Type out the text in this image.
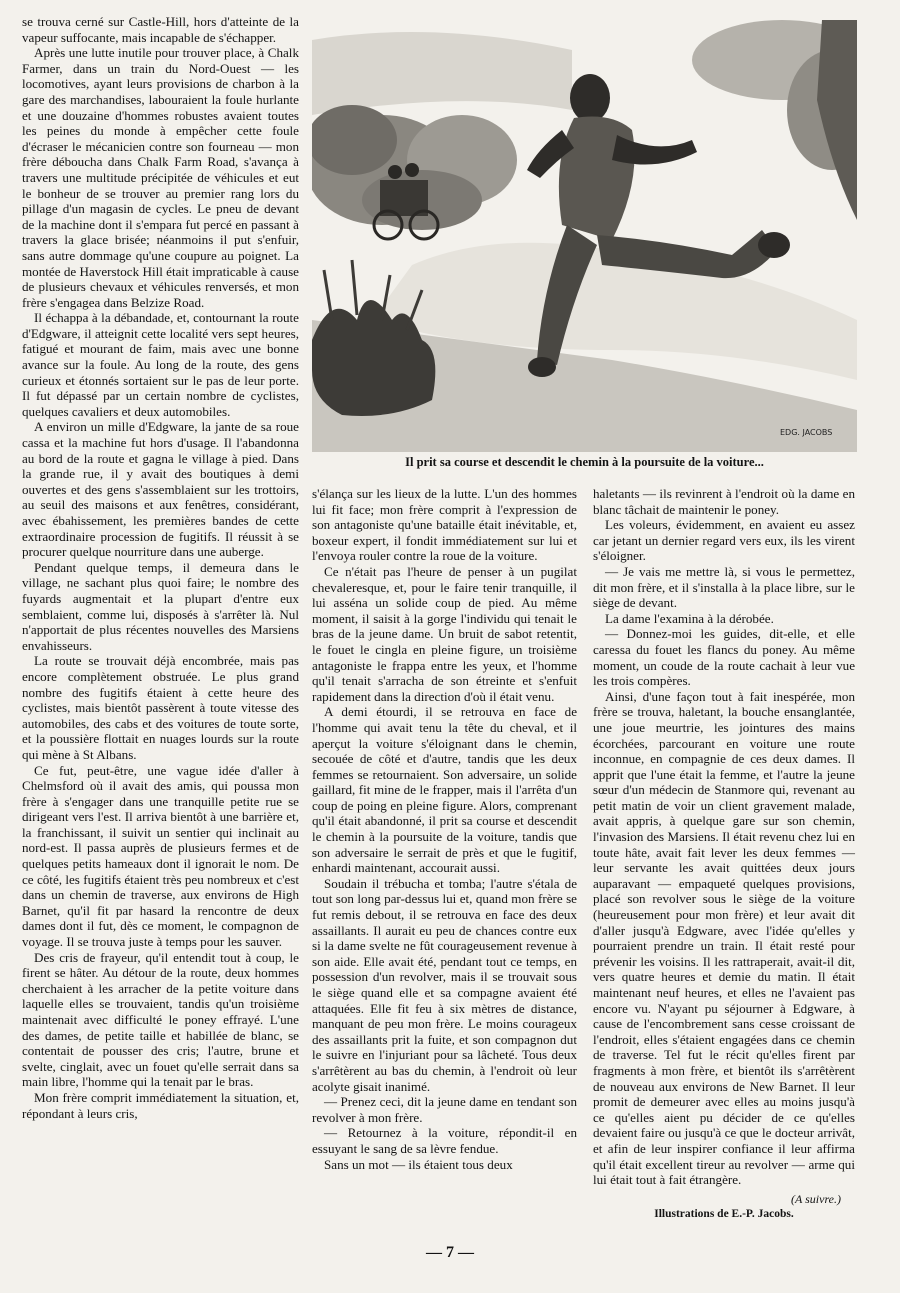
se trouva cerné sur Castle-Hill, hors d'atteinte de la vapeur suffocante, mais incapable de s'échapper.

Après une lutte inutile pour trouver place, à Chalk Farmer, dans un train du Nord-Ouest — les locomotives, ayant leurs provisions de charbon à la gare des marchandises, labouraient la foule hurlante et une douzaine d'hommes robustes avaient toutes les peines du monde à empêcher cette foule d'écraser le mécanicien contre son fourneau — mon frère déboucha dans Chalk Farm Road, s'avança à travers une multitude précipitée de véhicules et eut le bonheur de se trouver au premier rang lors du pillage d'un magasin de cycles. Le pneu de devant de la machine dont il s'empara fut percé en passant à travers la glace brisée; néanmoins il put s'enfuir, sans autre dommage qu'une coupure au poignet. La montée de Haverstock Hill était impraticable à cause de plusieurs chevaux et véhicules renversés, et mon frère s'engagea dans Belzize Road.

Il échappa à la débandade, et, contournant la route d'Edgware, il atteignit cette localité vers sept heures, fatigué et mourant de faim, mais avec une bonne avance sur la foule. Au long de la route, des gens curieux et étonnés sortaient sur le pas de leur porte. Il fut dépassé par un certain nombre de cyclistes, quelques cavaliers et deux automobiles.

A environ un mille d'Edgware, la jante de sa roue cassa et la machine fut hors d'usage. Il l'abandonna au bord de la route et gagna le village à pied. Dans la grande rue, il y avait des boutiques à demi ouvertes et des gens s'assemblaient sur les trottoirs, au seuil des maisons et aux fenêtres, considérant, avec ébahissement, les premières bandes de cette extraordinaire procession de fugitifs. Il réussit à se procurer quelque nourriture dans une auberge.

Pendant quelque temps, il demeura dans le village, ne sachant plus quoi faire; le nombre des fuyards augmentait et la plupart d'entre eux semblaient, comme lui, disposés à s'arrêter là. Nul n'apportait de plus récentes nouvelles des Marsiens envahisseurs.

La route se trouvait déjà encombrée, mais pas encore complètement obstruée. Le plus grand nombre des fugitifs étaient à cette heure des cyclistes, mais bientôt passèrent à toute vitesse des automobiles, des cabs et des voitures de toute sorte, et la poussière flottait en nuages lourds sur la route qui mène à St Albans.

Ce fut, peut-être, une vague idée d'aller à Chelmsford où il avait des amis, qui poussa mon frère à s'engager dans une tranquille petite rue se dirigeant vers l'est. Il arriva bientôt à une barrière et, la franchissant, il suivit un sentier qui inclinait au nord-est. Il passa auprès de plusieurs fermes et de quelques petits hameaux dont il ignorait le nom. De ce côté, les fugitifs étaient très peu nombreux et c'est dans un chemin de traverse, aux environs de High Barnet, qu'il fit par hasard la rencontre de deux dames dont il fut, dès ce moment, le compagnon de voyage. Il se trouva juste à temps pour les sauver.

Des cris de frayeur, qu'il entendit tout à coup, le firent se hâter. Au détour de la route, deux hommes cherchaient à les arracher de la petite voiture dans laquelle elles se trouvaient, tandis qu'un troisième maintenait avec difficulté le poney effrayé. L'une des dames, de petite taille et habillée de blanc, se contentait de pousser des cris; l'autre, brune et svelte, cinglait, avec un fouet qu'elle serrait dans sa main libre, l'homme qui la tenait par le bras.

Mon frère comprit immédiatement la situation, et, répondant à leurs cris,

EDG. JACOBS
Il prit sa course et descendit le chemin à la poursuite de la voiture...

s'élança sur les lieux de la lutte. L'un des hommes lui fit face; mon frère comprit à l'expression de son antagoniste qu'une bataille était inévitable, et, boxeur expert, il fondit immédiatement sur lui et l'envoya rouler contre la roue de la voiture.

Ce n'était pas l'heure de penser à un pugilat chevaleresque, et, pour le faire tenir tranquille, il lui asséna un solide coup de pied. Au même moment, il saisit à la gorge l'individu qui tenait le bras de la jeune dame. Un bruit de sabot retentit, le fouet le cingla en pleine figure, un troisième antagoniste le frappa entre les yeux, et l'homme qu'il tenait s'arracha de son étreinte et s'enfuit rapidement dans la direction d'où il était venu.

A demi étourdi, il se retrouva en face de l'homme qui avait tenu la tête du cheval, et il aperçut la voiture s'éloignant dans le chemin, secouée de côté et d'autre, tandis que les deux femmes se retournaient. Son adversaire, un solide gaillard, fit mine de le frapper, mais il l'arrêta d'un coup de poing en pleine figure. Alors, comprenant qu'il était abandonné, il prit sa course et descendit le chemin à la poursuite de la voiture, tandis que son adversaire le serrait de près et que le fugitif, enhardi maintenant, accourait aussi.

Soudain il trébucha et tomba; l'autre s'étala de tout son long par-dessus lui et, quand mon frère se fut remis debout, il se retrouva en face des deux assaillants. Il aurait eu peu de chances contre eux si la dame svelte ne fût courageusement revenue à son aide. Elle avait été, pendant tout ce temps, en possession d'un revolver, mais il se trouvait sous le siège quand elle et sa compagne avaient été attaquées. Elle fit feu à six mètres de distance, manquant de peu mon frère. Le moins courageux des assaillants prit la fuite, et son compagnon dut le suivre en l'injuriant pour sa lâcheté. Tous deux s'arrêtèrent au bas du chemin, à l'endroit où leur acolyte gisait inanimé.

— Prenez ceci, dit la jeune dame en tendant son revolver à mon frère.

— Retournez à la voiture, répondit-il en essuyant le sang de sa lèvre fendue.

Sans un mot — ils étaient tous deux

haletants — ils revinrent à l'endroit où la dame en blanc tâchait de maintenir le poney.

Les voleurs, évidemment, en avaient eu assez car jetant un dernier regard vers eux, ils les virent s'éloigner.

— Je vais me mettre là, si vous le permettez, dit mon frère, et il s'installa à la place libre, sur le siège de devant.

La dame l'examina à la dérobée.

— Donnez-moi les guides, dit-elle, et elle caressa du fouet les flancs du poney. Au même moment, un coude de la route cachait à leur vue les trois compères.

Ainsi, d'une façon tout à fait inespérée, mon frère se trouva, haletant, la bouche ensanglantée, une joue meurtrie, les jointures des mains écorchées, parcourant en voiture une route inconnue, en compagnie de ces deux dames. Il apprit que l'une était la femme, et l'autre la jeune sœur d'un médecin de Stanmore qui, revenant au petit matin de voir un client gravement malade, avait appris, à quelque gare sur son chemin, l'invasion des Marsiens. Il était revenu chez lui en toute hâte, avait fait lever les deux femmes — leur servante les avait quittées deux jours auparavant — empaqueté quelques provisions, placé son revolver sous le siège de la voiture (heureusement pour mon frère) et leur avait dit d'aller jusqu'à Edgware, avec l'idée qu'elles y pourraient prendre un train. Il était resté pour prévenir les voisins. Il les rattraperait, avait-il dit, vers quatre heures et demie du matin. Il était maintenant neuf heures, et elles ne l'avaient pas encore vu. N'ayant pu séjourner à Edgware, à cause de l'encombrement sans cesse croissant de l'endroit, elles s'étaient engagées dans ce chemin de traverse. Tel fut le récit qu'elles firent par fragments à mon frère, et bientôt ils s'arrêtèrent de nouveau aux environs de New Barnet. Il leur promit de demeurer avec elles au moins jusqu'à ce qu'elles aient pu décider de ce qu'elles devaient faire ou jusqu'à ce que le docteur arrivât, et afin de leur inspirer confiance il leur affirma qu'il était excellent tireur au revolver — arme qui lui était tout à fait étrangère.

(A suivre.)
Illustrations de E.-P. Jacobs.
— 7 —
